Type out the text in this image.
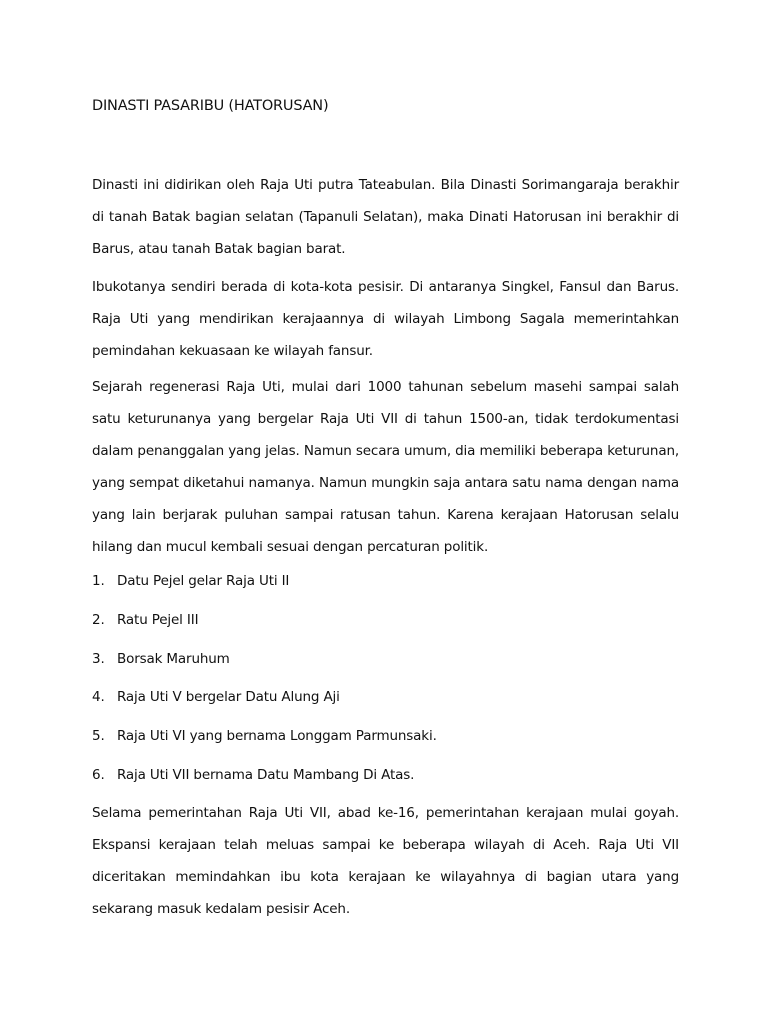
DINASTI PASARIBU (HATORUSAN)

Dinasti ini didirikan oleh Raja Uti putra Tateabulan. Bila Dinasti Sorimangaraja berakhir di tanah Batak bagian selatan (Tapanuli Selatan), maka Dinati Hatorusan ini berakhir di Barus, atau tanah Batak bagian barat.

Ibukotanya sendiri berada di kota-kota pesisir. Di antaranya Singkel, Fansul dan Barus. Raja Uti yang mendirikan kerajaannya di wilayah Limbong Sagala memerintahkan pemindahan kekuasaan ke wilayah fansur.

Sejarah regenerasi Raja Uti, mulai dari 1000 tahunan sebelum masehi sampai salah satu keturunanya yang bergelar Raja Uti VII di tahun 1500-an, tidak terdokumentasi dalam penanggalan yang jelas. Namun secara umum, dia memiliki beberapa keturunan, yang sempat diketahui namanya. Namun mungkin saja antara satu nama dengan nama yang lain berjarak puluhan sampai ratusan tahun. Karena kerajaan Hatorusan selalu hilang dan mucul kembali sesuai dengan percaturan politik.

1. Datu Pejel gelar Raja Uti II
2. Ratu Pejel III
3. Borsak Maruhum
4. Raja Uti V bergelar Datu Alung Aji
5. Raja Uti VI yang bernama Longgam Parmunsaki.
6. Raja Uti VII bernama Datu Mambang Di Atas.

Selama pemerintahan Raja Uti VII, abad ke-16, pemerintahan kerajaan mulai goyah. Ekspansi kerajaan telah meluas sampai ke beberapa wilayah di Aceh. Raja Uti VII diceritakan memindahkan ibu kota kerajaan ke wilayahnya di bagian utara yang sekarang masuk kedalam pesisir Aceh.
